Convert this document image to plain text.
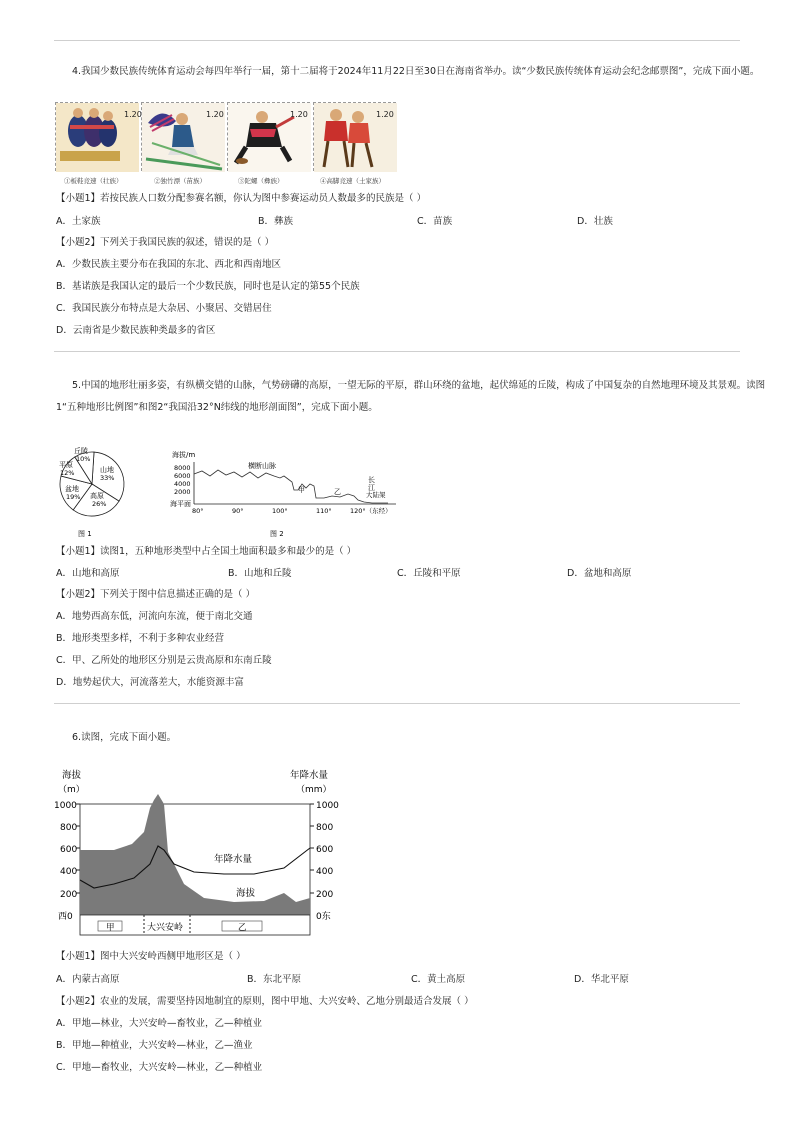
4.我国少数民族传统体育运动会每四年举行一届，第十二届将于2024年11月22日至30日在海南省举办。读“少数民族传统体育运动会纪念邮票图”，完成下面小题。
1.20	1.20	1.20	1.20
①板鞋竞速（壮族）	②独竹漂（苗族）	③陀螺（彝族）	④高脚竞速（土家族）
【小题1】若按民族人口数分配参赛名额，你认为图中参赛运动员人数最多的民族是（ ）
A．土家族	B．彝族	C．苗族	D．壮族
【小题2】下列关于我国民族的叙述，错误的是（ ）
A．少数民族主要分布在我国的东北、西北和西南地区
B．基诺族是我国认定的最后一个少数民族，同时也是认定的第55个民族
C．我国民族分布特点是大杂居、小聚居、交错居住
D．云南省是少数民族种类最多的省区
5.中国的地形壮丽多姿，有纵横交错的山脉，气势磅礴的高原，一望无际的平原，群山环绕的盆地，起伏绵延的丘陵，构成了中国复杂的自然地理环境及其景观。读图
1“五种地形比例图”和图2“我国沿32°N纬线的地形剖面图”，完成下面小题。
山地
33%
高原
26%
盆地
19%
平原
12%
丘陵
10%
图 1
海拔/m
8000
6000
4000
2000
海平面
横断山脉
甲	乙
长
江
大陆架
80°	90°	100°	110°	120°（东经）
图 2
【小题1】读图1，五种地形类型中占全国土地面积最多和最少的是（ ）
A．山地和高原	B．山地和丘陵	C．丘陵和平原	D．盆地和高原
【小题2】下列关于图中信息描述正确的是（ ）
A．地势西高东低，河流向东流，便于南北交通
B．地形类型多样，不利于多种农业经营
C．甲、乙所处的地形区分别是云贵高原和东南丘陵
D．地势起伏大，河流落差大，水能资源丰富
6.读图，完成下面小题。
海拔
（m）
年降水量
（mm）
1000
800
600
400
200
西0
1000
800
600
400
200
0东
年降水量
海拔
甲	大兴安岭	乙
【小题1】图中大兴安岭西侧甲地形区是（ ）
A．内蒙古高原	B．东北平原	C．黄土高原	D．华北平原
【小题2】农业的发展，需要坚持因地制宜的原则，图中甲地、大兴安岭、乙地分别最适合发展（ ）
A．甲地—林业，大兴安岭—畜牧业，乙—种植业
B．甲地—种植业，大兴安岭—林业，乙—渔业
C．甲地—畜牧业，大兴安岭—林业，乙—种植业
